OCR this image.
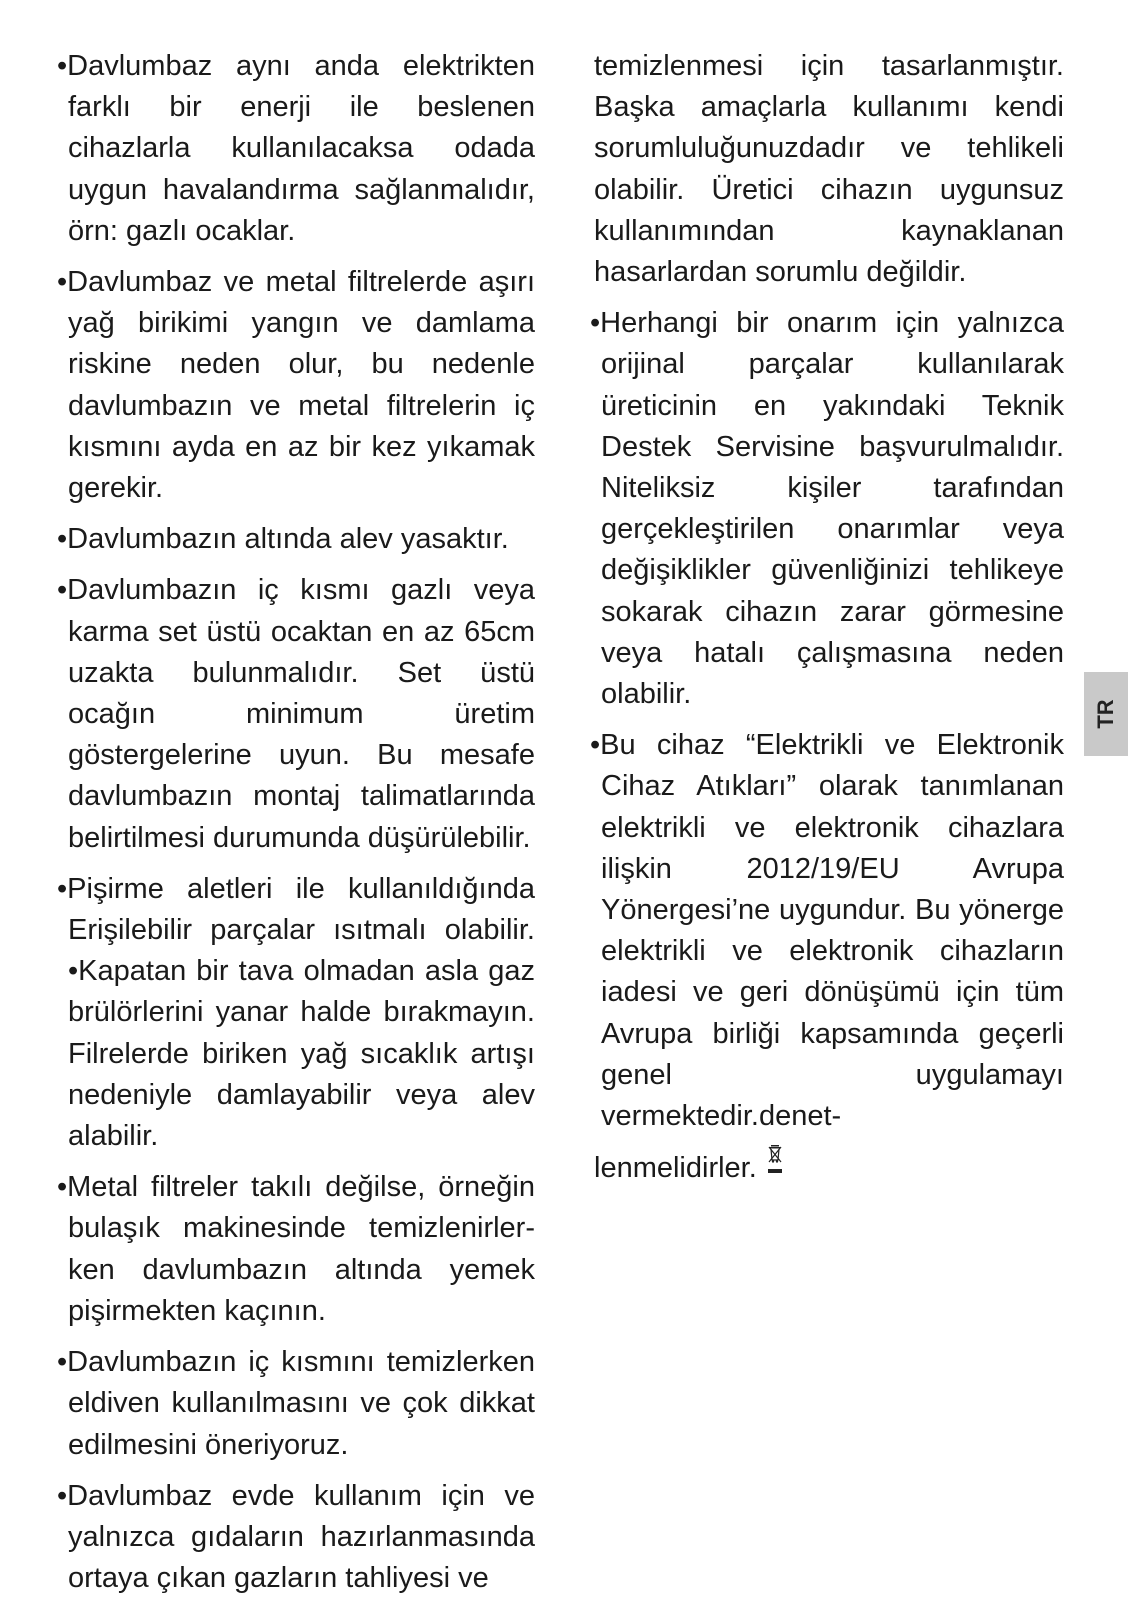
•Davlumbaz aynı anda elektrikten farklı bir enerji ile beslenen cihazlarla kullanılacaksa odada uygun havalandırma sağlanmalıdır, örn: gazlı ocaklar.

•Davlumbaz ve metal filtrelerde aşırı yağ birikimi yangın ve damlama riskine neden olur, bu nedenle davlumbazın ve metal filtrelerin iç kısmını ayda en az bir kez yıkamak gerekir.

•Davlumbazın altında alev yasaktır.

•Davlumbazın iç kısmı gazlı veya karma set üstü ocaktan en az 65cm uzakta bulunmalıdır. Set üstü ocağın minimum üretim göstergelerine uyun. Bu mesafe davlumbazın montaj talimatlarında belirtilmesi durumunda düşürülebilir.

•Pişirme aletleri ile kullanıldığında Erişilebilir parçalar ısıtmalı olabilir. •Kapatan bir tava olmadan asla gaz brülörlerini yanar halde bırakmayın. Filrelerde biriken yağ sıcaklık artışı nedeniyle damlayabilir veya alev alabilir.

•Metal filtreler takılı değilse, örneğin bulaşık makinesinde temizlenirler-ken davlumbazın altında yemek pişirmekten kaçının.

•Davlumbazın iç kısmını temizlerken eldiven kullanılmasını ve çok dikkat edilmesini öneriyoruz.

•Davlumbaz evde kullanım için ve yalnızca gıdaların hazırlanmasında ortaya çıkan gazların tahliyesi ve

temizlenmesi için tasarlanmıştır. Başka amaçlarla kullanımı kendi sorumluluğunuzdadır ve tehlikeli olabilir. Üretici cihazın uygunsuz kullanımından kaynaklanan hasarlardan sorumlu değildir.

•Herhangi bir onarım için yalnızca orijinal parçalar kullanılarak üreticinin en yakındaki Teknik Destek Servisine başvurulmalıdır. Niteliksiz kişiler tarafından gerçekleştirilen onarımlar veya değişiklikler güvenliğinizi tehlikeye sokarak cihazın zarar görmesine veya hatalı çalışmasına neden olabilir.

•Bu cihaz “Elektrikli ve Elektronik Cihaz Atıkları” olarak tanımlanan elektrikli ve elektronik cihazlara ilişkin 2012/19/EU Avrupa Yönergesi’ne uygundur. Bu yönerge elektrikli ve elektronik cihazların iadesi ve geri dönüşümü için tüm Avrupa birliği kapsamında geçerli genel uygulamayı vermektedir.denet-

lenmelidirler.

TR
